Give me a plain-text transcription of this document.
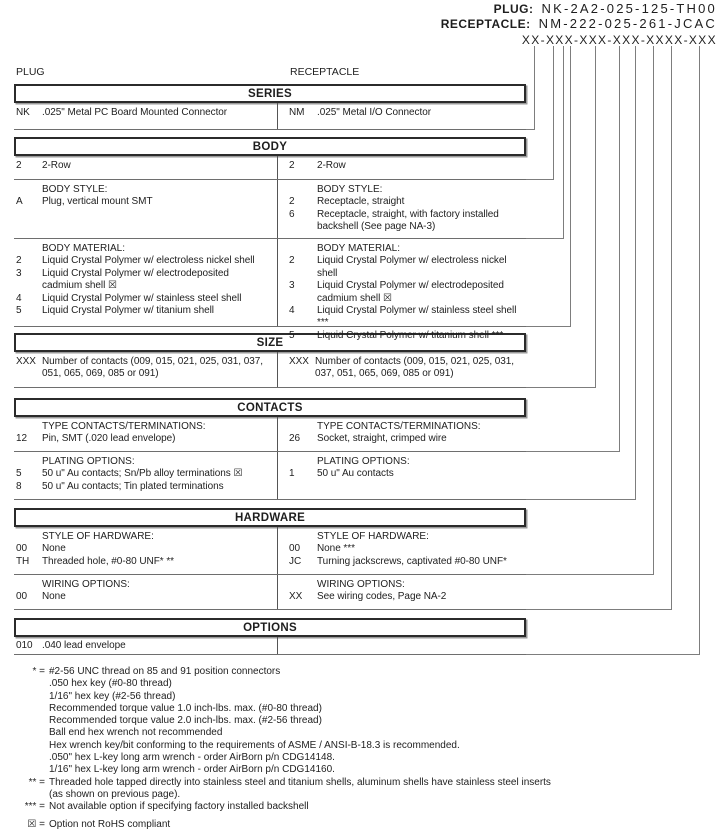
PLUG: NK-2A2-025-125-TH00
RECEPTACLE: NM-222-025-261-JCAC
XX-XXX-XXX-XXX-XXXX-XXX
PLUG	RECEPTACLE
SERIES
NK	.025" Metal PC Board Mounted Connector	NM	.025" Metal I/O Connector
BODY
2	2-Row	2	2-Row
BODY STYLE:
A	Plug, vertical mount SMT
BODY STYLE:
2	Receptacle, straight
6	Receptacle, straight, with factory installed backshell (See page NA-3)
BODY MATERIAL:
2	Liquid Crystal Polymer w/ electroless nickel shell
3	Liquid Crystal Polymer w/ electrodeposited cadmium shell ☒
4	Liquid Crystal Polymer w/ stainless steel shell
5	Liquid Crystal Polymer w/ titanium shell
BODY MATERIAL:
2	Liquid Crystal Polymer w/ electroless nickel shell
3	Liquid Crystal Polymer w/ electrodeposited cadmium shell ☒
4	Liquid Crystal Polymer w/ stainless steel shell ***
5	Liquid Crystal Polymer w/ titanium shell ***
SIZE
XXX Number of contacts (009, 015, 021, 025, 031, 037, 051, 065, 069, 085 or 091)
XXX Number of contacts (009, 015, 021, 025, 031, 037, 051, 065, 069, 085 or 091)
CONTACTS
TYPE CONTACTS/TERMINATIONS:
12	Pin, SMT (.020 lead envelope)
TYPE CONTACTS/TERMINATIONS:
26	Socket, straight, crimped wire
PLATING OPTIONS:
5	50 u" Au contacts; Sn/Pb alloy terminations ☒
8	50 u" Au contacts; Tin plated terminations
PLATING OPTIONS:
1	50 u" Au contacts
HARDWARE
STYLE OF HARDWARE:
00	None
TH	Threaded hole, #0-80 UNF* **
STYLE OF HARDWARE:
00	None ***
JC	Turning jackscrews, captivated #0-80 UNF*
WIRING OPTIONS:
00	None
WIRING OPTIONS:
XX	See wiring codes, Page NA-2
OPTIONS
010 .040 lead envelope
* = #2-56 UNC thread on 85 and 91 position connectors
.050 hex key (#0-80 thread)
1/16" hex key (#2-56 thread)
Recommended torque value 1.0 inch-lbs. max. (#0-80 thread)
Recommended torque value 2.0 inch-lbs. max. (#2-56 thread)
Ball end hex wrench not recommended
Hex wrench key/bit conforming to the requirements of ASME / ANSI-B-18.3 is recommended.
.050" hex L-key long arm wrench - order AirBorn p/n CDG14148.
1/16" hex L-key long arm wrench - order AirBorn p/n CDG14160.
** = Threaded hole tapped directly into stainless steel and titanium shells, aluminum shells have stainless steel inserts (as shown on previous page).
*** = Not available option if specifying factory installed backshell
☒ = Option not RoHS compliant
